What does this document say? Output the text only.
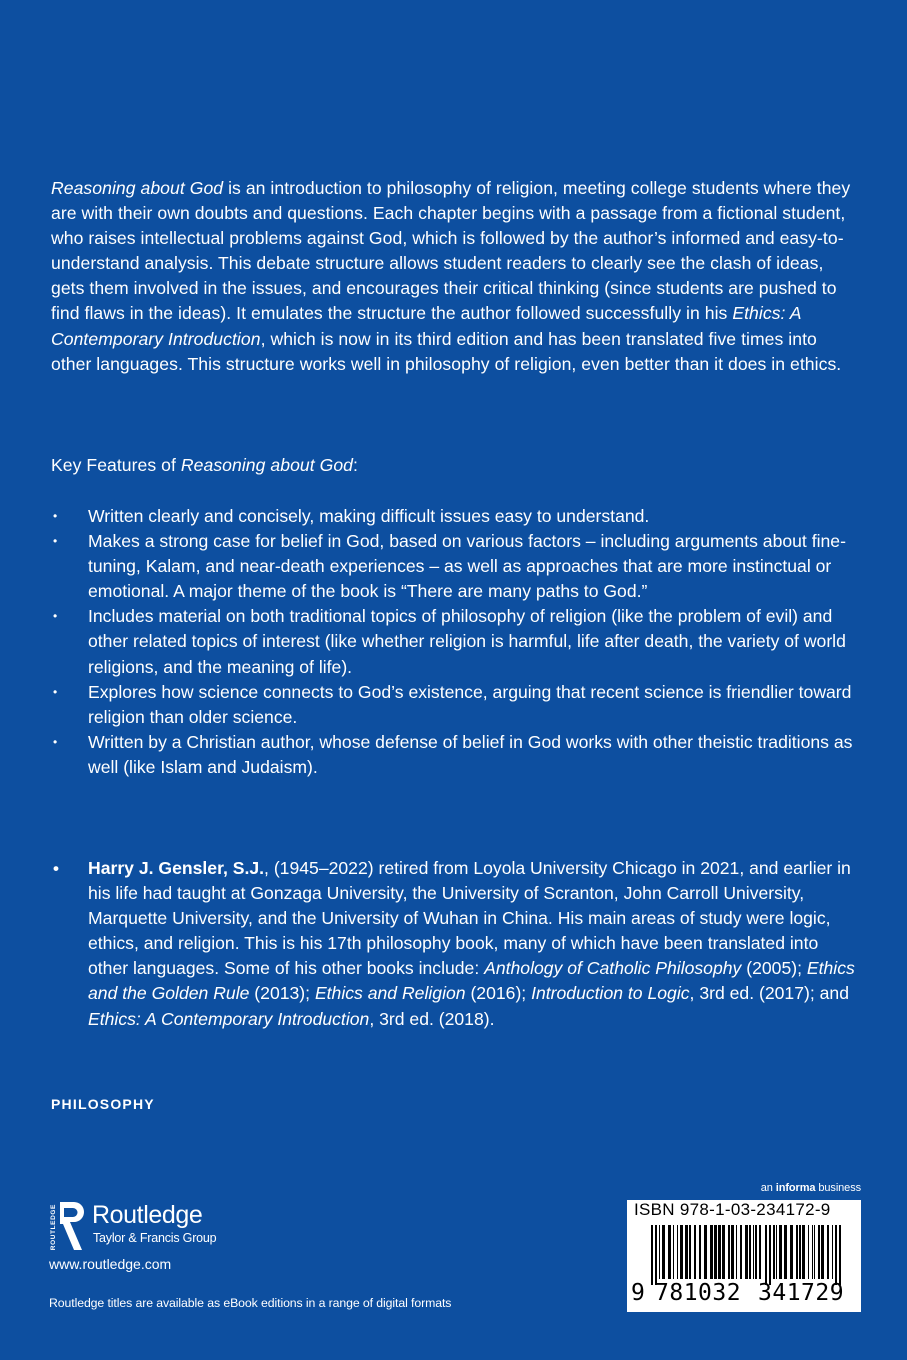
Reasoning about God is an introduction to philosophy of religion, meeting college students where they are with their own doubts and questions. Each chapter begins with a passage from a fictional student, who raises intellectual problems against God, which is followed by the author’s informed and easy-to-understand analysis. This debate structure allows student readers to clearly see the clash of ideas, gets them involved in the issues, and encourages their critical thinking (since students are pushed to find flaws in the ideas). It emulates the structure the author followed successfully in his Ethics: A Contemporary Introduction, which is now in its third edition and has been translated five times into other languages. This structure works well in philosophy of religion, even better than it does in ethics.

Key Features of Reasoning about God:
• Written clearly and concisely, making difficult issues easy to understand.
• Makes a strong case for belief in God, based on various factors – including arguments about fine-tuning, Kalam, and near-death experiences – as well as approaches that are more instinctual or emotional. A major theme of the book is “There are many paths to God.”
• Includes material on both traditional topics of philosophy of religion (like the problem of evil) and other related topics of interest (like whether religion is harmful, life after death, the variety of world religions, and the meaning of life).
• Explores how science connects to God’s existence, arguing that recent science is friendlier toward religion than older science.
• Written by a Christian author, whose defense of belief in God works with other theistic traditions as well (like Islam and Judaism).
•	Harry J. Gensler, S.J., (1945–2022) retired from Loyola University Chicago in 2021, and earlier in his life had taught at Gonzaga University, the University of Scranton, John Carroll University, Marquette University, and the University of Wuhan in China. His main areas of study were logic, ethics, and religion. This is his 17th philosophy book, many of which have been translated into other languages. Some of his other books include: Anthology of Catholic Philosophy (2005); Ethics and the Golden Rule (2013); Ethics and Religion (2016); Introduction to Logic, 3rd ed. (2017); and Ethics: A Contemporary Introduction, 3rd ed. (2018).
PHILOSOPHY
ROUTLEDGE Routledge
Taylor & Francis Group
www.routledge.com
Routledge titles are available as eBook editions in a range of digital formats
an informa business
ISBN 978-1-03-234172-9
9 781032 341729
